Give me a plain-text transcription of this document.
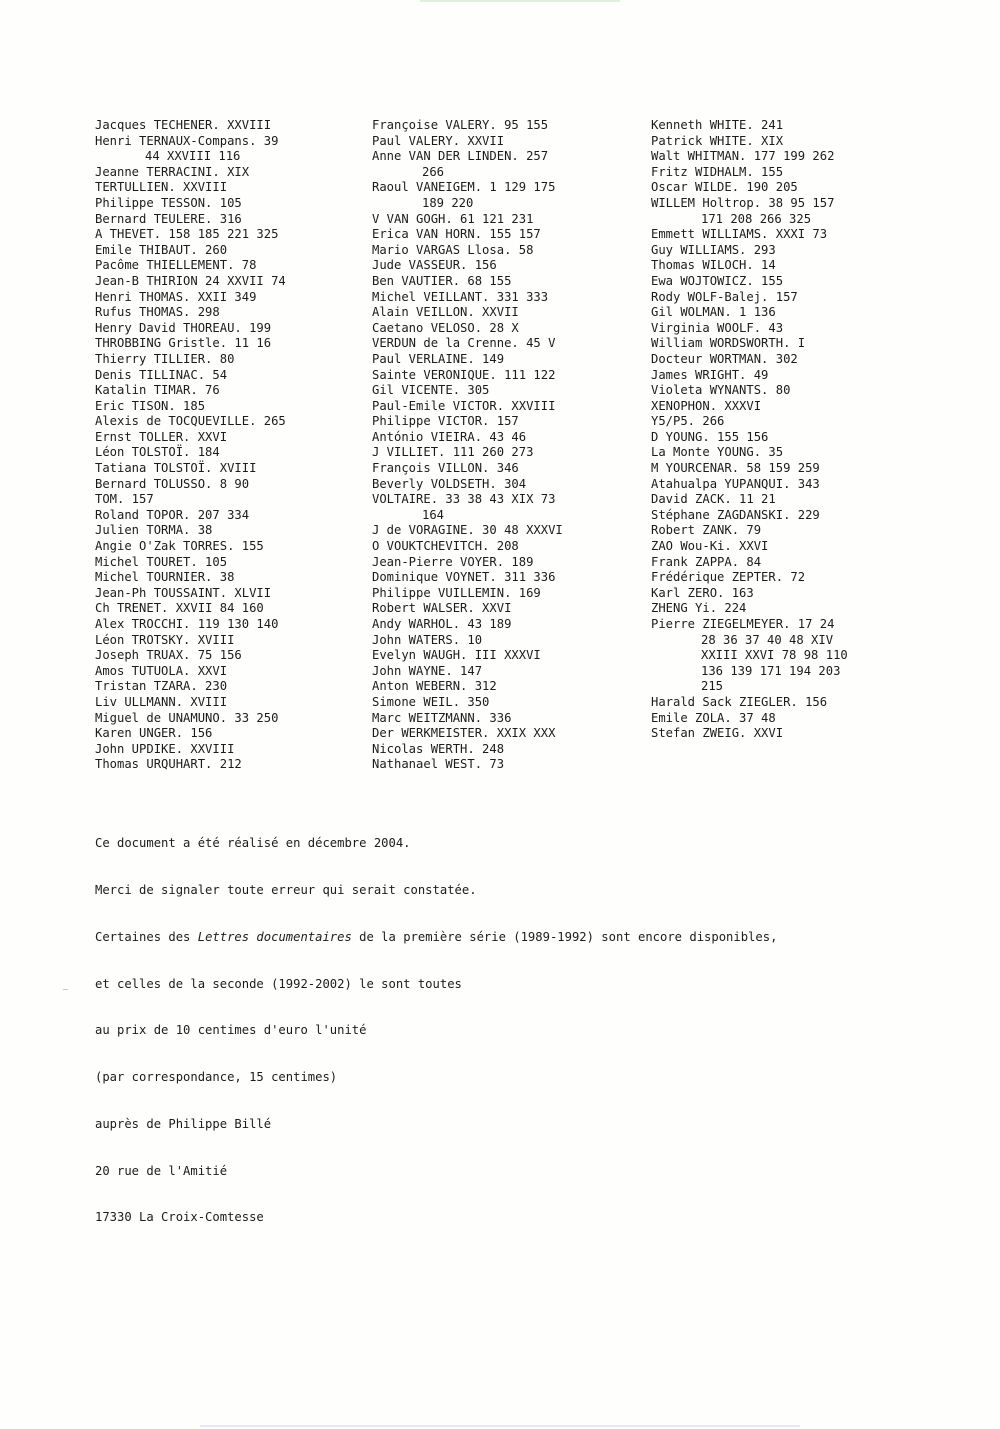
Jacques TECHENER. XXVIII
Henri TERNAUX-Compans. 39
44 XXVIII 116
Jeanne TERRACINI. XIX
TERTULLIEN. XXVIII
Philippe TESSON. 105
Bernard TEULERE. 316
A THEVET. 158 185 221 325
Emile THIBAUT. 260
Pacôme THIELLEMENT. 78
Jean-B THIRION 24 XXVII 74
Henri THOMAS. XXII 349
Rufus THOMAS. 298
Henry David THOREAU. 199
THROBBING Gristle. 11 16
Thierry TILLIER. 80
Denis TILLINAC. 54
Katalin TIMAR. 76
Eric TISON. 185
Alexis de TOCQUEVILLE. 265
Ernst TOLLER. XXVI
Léon TOLSTOÏ. 184
Tatiana TOLSTOÏ. XVIII
Bernard TOLUSSO. 8 90
TOM. 157
Roland TOPOR. 207 334
Julien TORMA. 38
Angie O'Zak TORRES. 155
Michel TOURET. 105
Michel TOURNIER. 38
Jean-Ph TOUSSAINT. XLVII
Ch TRENET. XXVII 84 160
Alex TROCCHI. 119 130 140
Léon TROTSKY. XVIII
Joseph TRUAX. 75 156
Amos TUTUOLA. XXVI
Tristan TZARA. 230
Liv ULLMANN. XVIII
Miguel de UNAMUNO. 33 250
Karen UNGER. 156
John UPDIKE. XXVIII
Thomas URQUHART. 212
Françoise VALERY. 95 155
Paul VALERY. XXVII
Anne VAN DER LINDEN. 257
266
Raoul VANEIGEM. 1 129 175
189 220
V VAN GOGH. 61 121 231
Erica VAN HORN. 155 157
Mario VARGAS Llosa. 58
Jude VASSEUR. 156
Ben VAUTIER. 68 155
Michel VEILLANT. 331 333
Alain VEILLON. XXVII
Caetano VELOSO. 28 X
VERDUN de la Crenne. 45 V
Paul VERLAINE. 149
Sainte VERONIQUE. 111 122
Gil VICENTE. 305
Paul-Emile VICTOR. XXVIII
Philippe VICTOR. 157
António VIEIRA. 43 46
J VILLIET. 111 260 273
François VILLON. 346
Beverly VOLDSETH. 304
VOLTAIRE. 33 38 43 XIX 73
164
J de VORAGINE. 30 48 XXXVI
O VOUKTCHEVITCH. 208
Jean-Pierre VOYER. 189
Dominique VOYNET. 311 336
Philippe VUILLEMIN. 169
Robert WALSER. XXVI
Andy WARHOL. 43 189
John WATERS. 10
Evelyn WAUGH. III XXXVI
John WAYNE. 147
Anton WEBERN. 312
Simone WEIL. 350
Marc WEITZMANN. 336
Der WERKMEISTER. XXIX XXX
Nicolas WERTH. 248
Nathanael WEST. 73
Kenneth WHITE. 241
Patrick WHITE. XIX
Walt WHITMAN. 177 199 262
Fritz WIDHALM. 155
Oscar WILDE. 190 205
WILLEM Holtrop. 38 95 157
171 208 266 325
Emmett WILLIAMS. XXXI 73
Guy WILLIAMS. 293
Thomas WILOCH. 14
Ewa WOJTOWICZ. 155
Rody WOLF-Balej. 157
Gil WOLMAN. 1 136
Virginia WOOLF. 43
William WORDSWORTH. I
Docteur WORTMAN. 302
James WRIGHT. 49
Violeta WYNANTS. 80
XENOPHON. XXXVI
Y5/P5. 266
D YOUNG. 155 156
La Monte YOUNG. 35
M YOURCENAR. 58 159 259
Atahualpa YUPANQUI. 343
David ZACK. 11 21
Stéphane ZAGDANSKI. 229
Robert ZANK. 79
ZAO Wou-Ki. XXVI
Frank ZAPPA. 84
Frédérique ZEPTER. 72
Karl ZERO. 163
ZHENG Yi. 224
Pierre ZIEGELMEYER. 17 24
28 36 37 40 48 XIV
XXIII XXVI 78 98 110
136 139 171 194 203
215
Harald Sack ZIEGLER. 156
Emile ZOLA. 37 48
Stefan ZWEIG. XXVI

Ce document a été réalisé en décembre 2004.

Merci de signaler toute erreur qui serait constatée.

Certaines des Lettres documentaires de la première série (1989-1992) sont encore disponibles,

et celles de la seconde (1992-2002) le sont toutes

au prix de 10 centimes d'euro l'unité

(par correspondance, 15 centimes)

auprès de Philippe Billé

20 rue de l'Amitié

17330 La Croix-Comtesse
